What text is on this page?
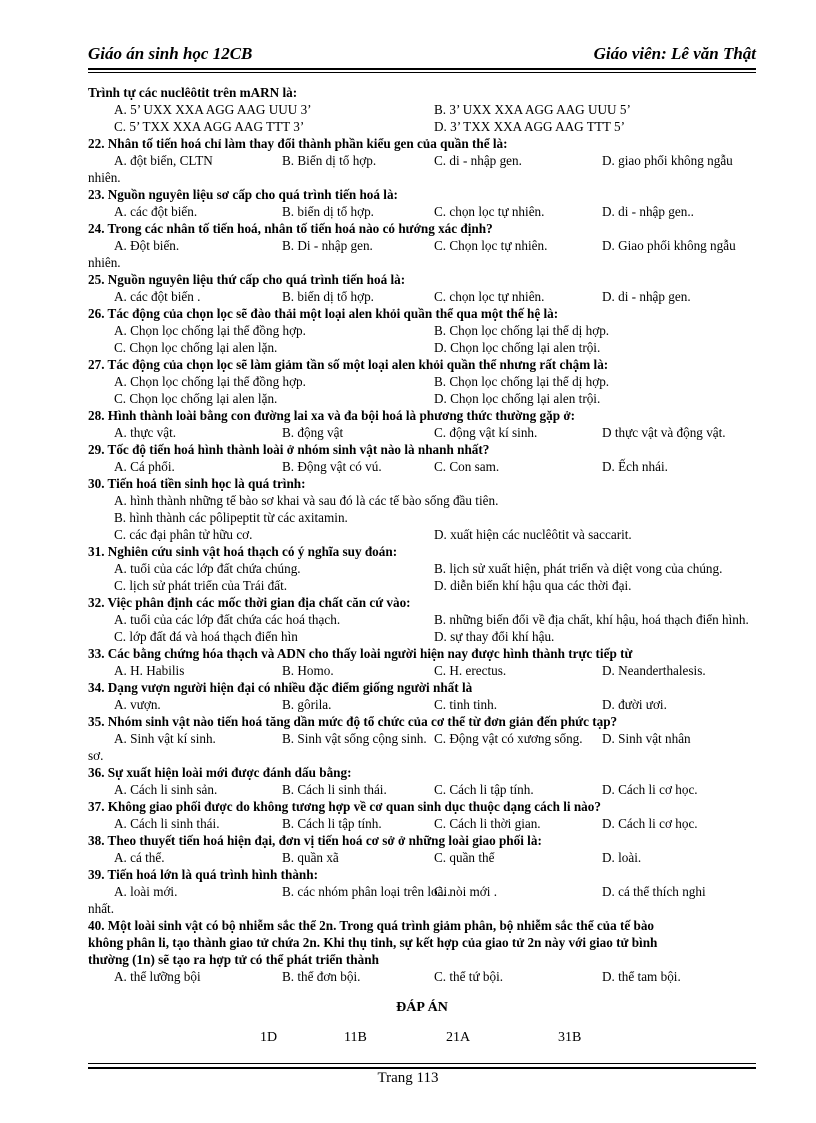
Giáo án sinh học 12CB	Giáo viên: Lê văn Thật
Trình tự các nuclêôtit trên mARN là:
A. 5’ UXX XXA AGG AAG UUU 3’	B. 3’ UXX XXA AGG AAG UUU 5’
C. 5’ TXX XXA AGG AAG TTT 3’	D. 3’ TXX XXA AGG AAG TTT 5’
22. Nhân tố tiến hoá chỉ làm thay đổi thành phần kiểu gen của quần thể là:
A. đột biến, CLTN	B. Biến dị tổ hợp.	C. di - nhập gen.	D. giao phối không ngẫu
nhiên.
23. Nguồn nguyên liệu sơ cấp cho quá trình tiến hoá là:
A. các đột biến.	B. biến dị tổ hợp.	C. chọn lọc tự nhiên.	D. di - nhập gen..
24. Trong các nhân tố tiến hoá, nhân tố tiến hoá nào có hướng xác định?
A. Đột biến.	B. Di - nhập gen.	C. Chọn lọc tự nhiên.	D. Giao phối không ngẫu
nhiên.
25. Nguồn nguyên liệu thứ cấp cho quá trình tiến hoá là:
A. các đột biến .	B. biến dị tổ hợp.	C. chọn lọc tự nhiên.	D. di - nhập gen.
26. Tác động của chọn lọc sẽ đào thải một loại alen khỏi quần thể qua một thế hệ là:
A. Chọn lọc chống lại thể đồng hợp.	B. Chọn lọc chống lại thể dị hợp.
C. Chọn lọc chống lại alen lặn.	D. Chọn lọc chống lại alen trội.
27. Tác động của chọn lọc sẽ làm giảm tần số một loại alen khỏi quần thể nhưng rất chậm là:
A. Chọn lọc chống lại thể đồng hợp.	B. Chọn lọc chống lại thể dị hợp.
C. Chọn lọc chống lại alen lặn.	D. Chọn lọc chống lại alen trội.
28. Hình thành loài bằng con đường lai xa và đa bội hoá là phương thức thường gặp ở:
A. thực vật.	B. động vật	C. động vật kí sinh.	D thực vật và động vật.
29. Tốc độ tiến hoá hình thành loài ở nhóm sinh vật nào là nhanh nhất?
A. Cá phổi.	B. Động vật có vú.	C. Con sam.	D. Ếch nhái.
30. Tiến hoá tiền sinh học là quá trình:
A. hình thành những tế bào sơ khai và sau đó là các tế bào sống đầu tiên.
B. hình thành các pôlipeptit từ các axitamin.
C. các đại phân tử hữu cơ.	D. xuất hiện các nuclêôtit và saccarit.
31. Nghiên cứu sinh vật hoá thạch có ý nghĩa suy đoán:
A. tuổi của các lớp đất chứa chúng.	B. lịch sử xuất hiện, phát triển và diệt vong của chúng.
C. lịch sử phát triển của Trái đất.	D. diễn biến khí hậu qua các thời đại.
32. Việc phân định các mốc thời gian địa chất căn cứ vào:
A. tuổi của các lớp đất chứa các hoá thạch.	B. những biến đổi về địa chất, khí hậu, hoá thạch điển hình.
C. lớp đất đá và hoá thạch điển hìn	D. sự thay đổi khí hậu.
33. Các bằng chứng hóa thạch và ADN cho thấy loài người hiện nay được hình thành trực tiếp từ
A. H. Habilis	B. Homo.	C. H. erectus.	D. Neanderthalesis.
34. Dạng vượn người hiện đại có nhiều đặc điểm giống người nhất là
A. vượn.	B. gôrila.	C. tinh tinh.	D. đười ươi.
35. Nhóm sinh vật nào tiến hoá tăng dần mức độ tổ chức của cơ thể từ đơn giản đến phức tạp?
A. Sinh vật kí sinh.	B. Sinh vật sống cộng sinh. C. Động vật có xương sống. D. Sinh vật nhân
sơ.
36. Sự xuất hiện loài mới được đánh dấu bằng:
A. Cách li sinh sản.	B. Cách li sinh thái.	C. Cách li tập tính.	D. Cách li cơ học.
37. Không giao phối được do không tương hợp về cơ quan sinh dục thuộc dạng cách li nào?
A. Cách li sinh thái.	B. Cách li tập tính.	C. Cách li thời gian.	D. Cách li cơ học.
38. Theo thuyết tiến hoá hiện đại, đơn vị tiến hoá cơ sở ở những loài giao phối là:
A. cá thể.	B. quần xã	C. quần thể	D. loài.
39. Tiến hoá lớn là quá trình hình thành:
A. loài mới.	B. các nhóm phân loại trên loài.
C. nòi mới .	D. cá thể thích nghi
nhất.
40. Một loài sinh vật có bộ nhiễm sắc thể 2n. Trong quá trình giảm phân, bộ nhiễm sắc thể của tế bào
không phân li, tạo thành giao tử chứa 2n. Khi thụ tinh, sự kết hợp của giao tử 2n này với giao tử bình
thường (1n) sẽ tạo ra hợp tử có thể phát triển thành
A. thể lưỡng bội	B. thể đơn bội.	C. thể tứ bội.	D. thể tam bội.
ĐÁP ÁN
1D	11B	21A	31B
Trang 113
